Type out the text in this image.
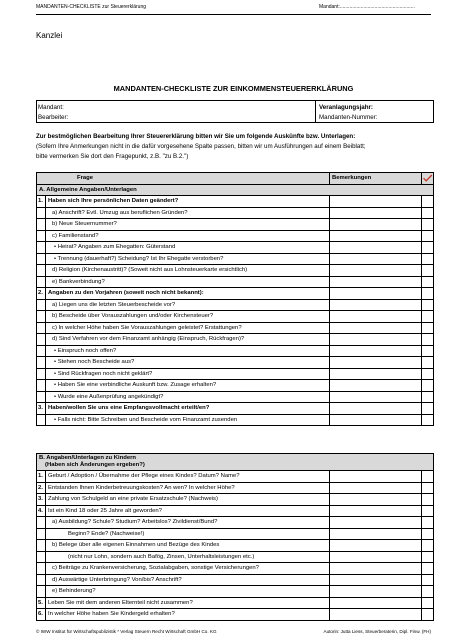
MANDANTEN-CHECKLISTE zur Steuererklärung	Mandant:......................................................
Kanzlei
MANDANTEN-CHECKLISTE ZUR EINKOMMENSTEUERERKLÄRUNG
Mandant:
Bearbeiter:
Veranlagungsjahr:
Mandanten-Nummer:
Zur bestmöglichen Bearbeitung Ihrer Steuererklärung bitten wir Sie um folgende Auskünfte bzw. Unterlagen:
(Sofern Ihre Anmerkungen nicht in die dafür vorgesehene Spalte passen, bitten wir um Ausführungen auf einem Beiblatt;
bitte vermerken Sie dort den Fragepunkt, z.B. "zu B.2.")
Frage		Bemerkungen	

A. Allgemeine Angaben/Unterlagen			
1.	Haben sich Ihre persönlichen Daten geändert?		
	a) Anschrift? Evtl. Umzug aus beruflichen Gründen?		
	b) Neue Steuernummer?		
	c) Familienstand?		
	• Heirat? Angaben zum Ehegatten: Güterstand		
	• Trennung (dauerhaft?) Scheidung? Ist Ihr Ehegatte verstorben?		
	d) Religion (Kirchenaustritt)? (Soweit nicht aus Lohnsteuerkarte ersichtlich)		
	e) Bankverbindung?		
2.	Angaben zu den Vorjahren (soweit noch nicht bekannt):		
	a) Liegen uns die letzten Steuerbescheide vor?		
	b) Bescheide über Vorauszahlungen und/oder Kirchensteuer?		
	c) In welcher Höhe haben Sie Vorauszahlungen geleistet? Erstattungen?		
	d) Sind Verfahren vor dem Finanzamt anhängig (Einspruch, Rückfragen)?		
	• Einspruch noch offen?		
	• Stehen noch Bescheide aus?		
	• Sind Rückfragen noch nicht geklärt?		
	• Haben Sie eine verbindliche Auskunft bzw. Zusage erhalten?		
	• Wurde eine Außenprüfung angekündigt?		
3.	Haben/wollen Sie uns eine Empfangsvollmacht erteilt/en?		
	• Falls nicht: Bitte Schreiben und Bescheide vom Finanzamt zusenden		
B. Angaben/Unterlagen zu Kindern
(Haben sich Änderungen ergeben?)			
1.	Geburt / Adoption / Übernahme der Pflege eines Kindes? Datum? Name?		
2.	Entstanden Ihnen Kinderbetreuungskosten? An wen? In welcher Höhe?		
3.	Zahlung von Schulgeld an eine private Ersatzschule? (Nachweis)		
4.	Ist ein Kind 18 oder 25 Jahre alt geworden?		
	a) Ausbildung? Schule? Studium? Arbeitslos? Zivildienst/Bund?		
	Beginn? Ende? (Nachweise!)		
	b) Belege über alle eigenen Einnahmen und Bezüge des Kindes		
	(nicht nur Lohn, sondern auch Bafög, Zinsen, Unterhaltsleistungen etc.)		
	c) Beiträge zu Krankenversicherung, Sozialabgaben, sonstige Versicherungen?		
	d) Auswärtige Unterbringung? Von/bis? Anschrift?		
	e) Behinderung?		
5.	Leben Sie mit dem anderen Elternteil nicht zusammen?		
6.	In welcher Höhe haben Sie Kindergeld erhalten?		
© IWW Institut für Wirtschaftspublizistik * Verlag Steuern Recht Wirtschaft GmbH Co. KG	Autorin: Jutta Liess, Steuerberaterin, Dipl. Finw. (FH)
